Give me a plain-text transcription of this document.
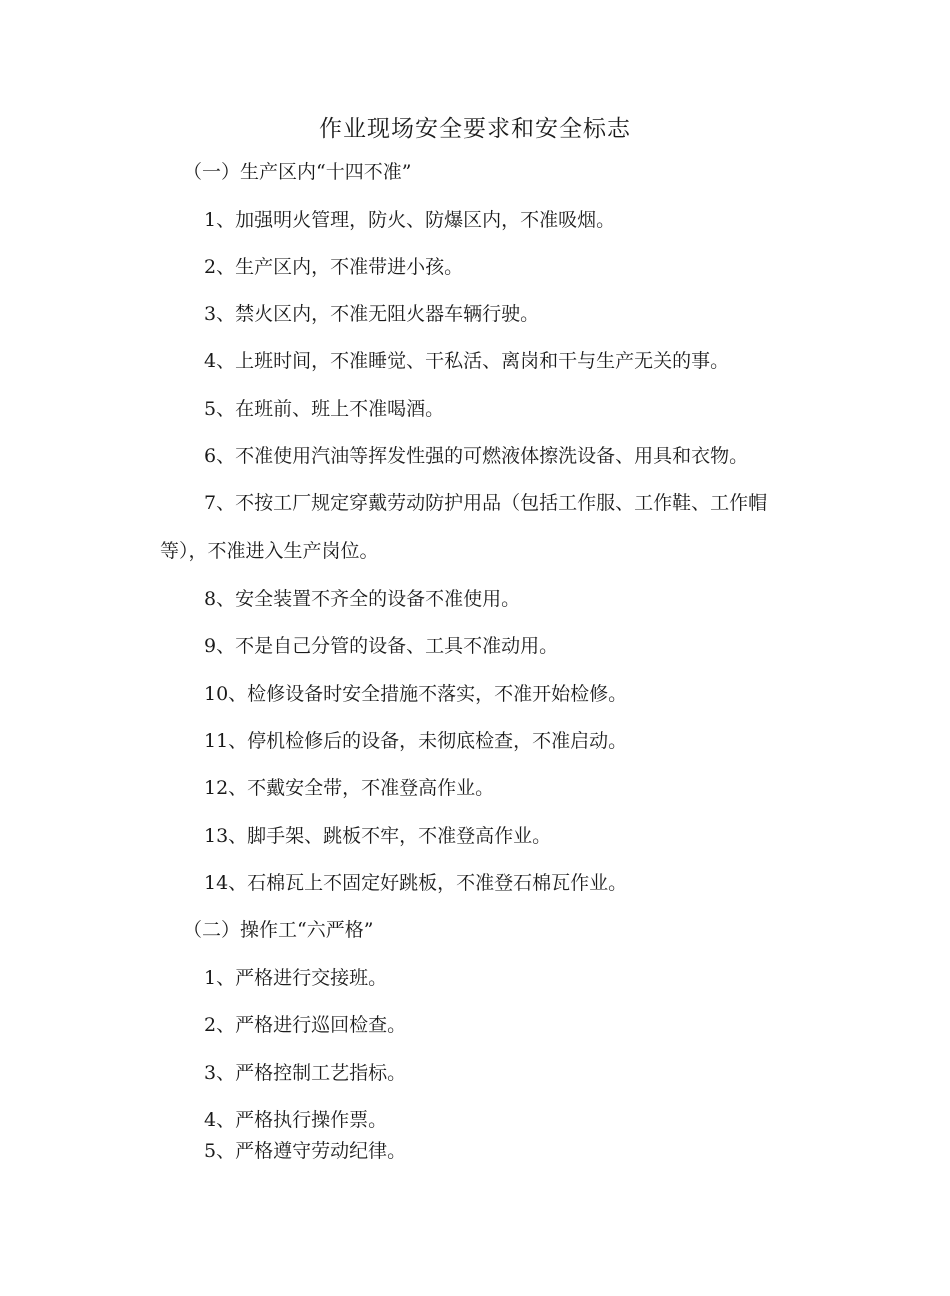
作业现场安全要求和安全标志
（一）生产区内“十四不准”
1、加强明火管理，防火、防爆区内，不准吸烟。
2、生产区内，不准带进小孩。
3、禁火区内，不准无阻火器车辆行驶。
4、上班时间，不准睡觉、干私活、离岗和干与生产无关的事。
5、在班前、班上不准喝酒。
6、不准使用汽油等挥发性强的可燃液体擦洗设备、用具和衣物。
7、不按工厂规定穿戴劳动防护用品（包括工作服、工作鞋、工作帽
等），不准进入生产岗位。
8、安全装置不齐全的设备不准使用。
9、不是自己分管的设备、工具不准动用。
10、检修设备时安全措施不落实，不准开始检修。
11、停机检修后的设备，未彻底检查，不准启动。
12、不戴安全带，不准登高作业。
13、脚手架、跳板不牢，不准登高作业。
14、石棉瓦上不固定好跳板，不准登石棉瓦作业。
（二）操作工“六严格”
1、严格进行交接班。
2、严格进行巡回检查。
3、严格控制工艺指标。
4、严格执行操作票。
5、严格遵守劳动纪律。
